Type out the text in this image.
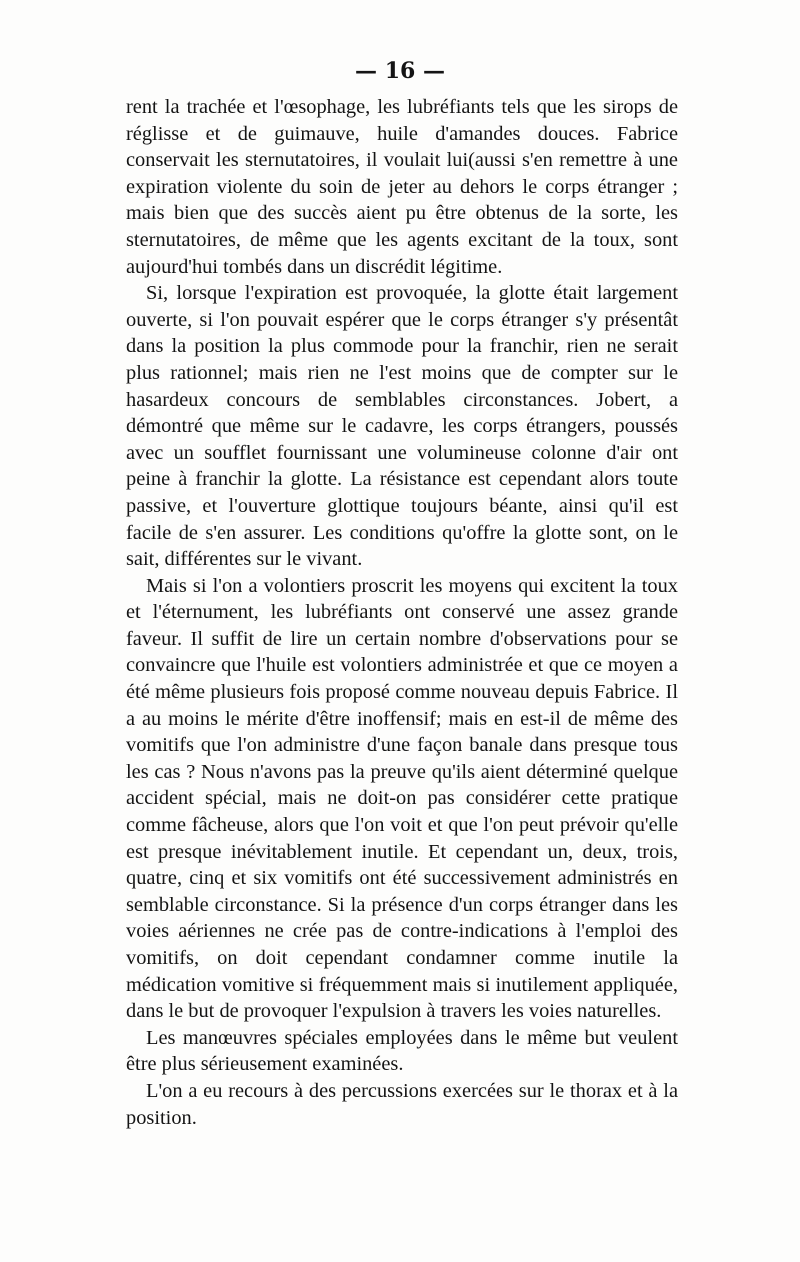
— 16 —

rent la trachée et l'œsophage, les lubréfiants tels que les sirops de réglisse et de guimauve, huile d'amandes douces. Fabrice conservait les sternutatoires, il voulait lui(aussi s'en remettre à une expiration violente du soin de jeter au dehors le corps étranger ; mais bien que des succès aient pu être obtenus de la sorte, les sternutatoires, de même que les agents excitant de la toux, sont aujourd'hui tombés dans un discrédit légitime.

Si, lorsque l'expiration est provoquée, la glotte était largement ouverte, si l'on pouvait espérer que le corps étranger s'y présentât dans la position la plus commode pour la franchir, rien ne serait plus rationnel; mais rien ne l'est moins que de compter sur le hasardeux concours de semblables circonstances. Jobert, a démontré que même sur le cadavre, les corps étrangers, poussés avec un soufflet fournissant une volumineuse colonne d'air ont peine à franchir la glotte. La résistance est cependant alors toute passive, et l'ouverture glottique toujours béante, ainsi qu'il est facile de s'en assurer. Les conditions qu'offre la glotte sont, on le sait, différentes sur le vivant.

Mais si l'on a volontiers proscrit les moyens qui excitent la toux et l'éternument, les lubréfiants ont conservé une assez grande faveur. Il suffit de lire un certain nombre d'observations pour se convaincre que l'huile est volontiers administrée et que ce moyen a été même plusieurs fois proposé comme nouveau depuis Fabrice. Il a au moins le mérite d'être inoffensif; mais en est-il de même des vomitifs que l'on administre d'une façon banale dans presque tous les cas ? Nous n'avons pas la preuve qu'ils aient déterminé quelque accident spécial, mais ne doit-on pas considérer cette pratique comme fâcheuse, alors que l'on voit et que l'on peut prévoir qu'elle est presque inévitablement inutile. Et cependant un, deux, trois, quatre, cinq et six vomitifs ont été successivement administrés en semblable circonstance. Si la présence d'un corps étranger dans les voies aériennes ne crée pas de contre-indications à l'emploi des vomitifs, on doit cependant condamner comme inutile la médication vomitive si fréquemment mais si inutilement appliquée, dans le but de provoquer l'expulsion à travers les voies naturelles.

Les manœuvres spéciales employées dans le même but veulent être plus sérieusement examinées.

L'on a eu recours à des percussions exercées sur le thorax et à la position.
